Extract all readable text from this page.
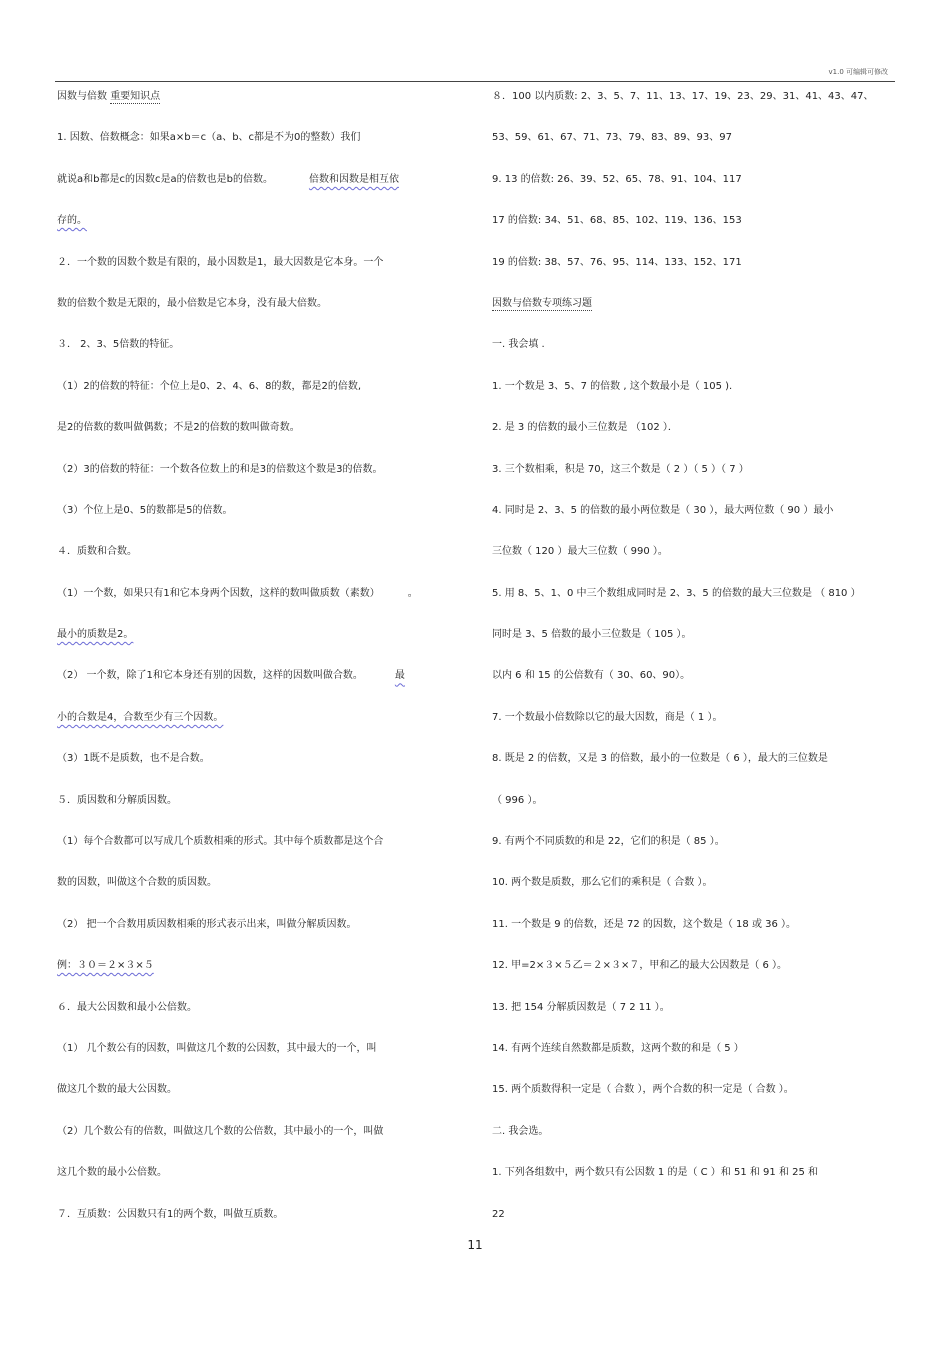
v1.0 可编辑可修改
因数与倍数 重要知识点
1. 因数、倍数概念：如果a×b＝c（a、b、c都是不为0的整数）我们
就说a和b都是c的因数c是a的倍数也是b的倍数。	倍数和因数是相互依
存的。
２．一个数的因数个数是有限的，最小因数是1，最大因数是它本身。一个
数的倍数个数是无限的，最小倍数是它本身，没有最大倍数。
３． 2、3、5倍数的特征。
（1）2的倍数的特征：个位上是0、2、4、6、8的数，都是2的倍数,
是2的倍数的数叫做偶数；不是2的倍数的数叫做奇数。
（2）3的倍数的特征：一个数各位数上的和是3的倍数这个数是3的倍数。
（3）个位上是0、5的数都是5的倍数。
４．质数和合数。
（1）一个数，如果只有1和它本身两个因数，这样的数叫做质数（素数）	。
最小的质数是2。
（2） 一个数，除了1和它本身还有别的因数，这样的因数叫做合数。	最
小的合数是4，合数至少有三个因数。
（3）1既不是质数，也不是合数。
５．质因数和分解质因数。
（1）每个合数都可以写成几个质数相乘的形式。其中每个质数都是这个合
数的因数，叫做这个合数的质因数。
（2） 把一个合数用质因数相乘的形式表示出来，叫做分解质因数。
例：３０＝２×３×５
６．最大公因数和最小公倍数。
（1） 几个数公有的因数，叫做这几个数的公因数，其中最大的一个，叫
做这几个数的最大公因数。
（2）几个数公有的倍数，叫做这几个数的公倍数，其中最小的一个，叫做
这几个数的最小公倍数。
７．互质数：公因数只有1的两个数，叫做互质数。
８．100 以内质数: 2、3、5、7、11、13、17、19、23、29、31、41、43、47、
53、59、61、67、71、73、79、83、89、93、97
9. 13 的倍数: 26、39、52、65、78、91、104、117
17 的倍数: 34、51、68、85、102、119、136、153
19 的倍数: 38、57、76、95、114、133、152、171
因数与倍数专项练习题
一. 我会填 .
1. 一个数是 3、5、7 的倍数 , 这个数最小是（ 105 ).
2. 是 3 的倍数的最小三位数是 （102 ）．
3. 三个数相乘，积是 70，这三个数是（ 2 ）（ 5 ）（ 7 ）
4. 同时是 2、3、5 的倍数的最小两位数是（ 30 ），最大两位数（ 90 ）最小
三位数（ 120 ）最大三位数（ 990 ）。
5. 用 8、5、1、0 中三个数组成同时是 2、3、5 的倍数的最大三位数是 （ 810 ）
同时是 3、5 倍数的最小三位数是（ 105 ）。
以内 6 和 15 的公倍数有（ 30、60、90）。
7. 一个数最小倍数除以它的最大因数，商是（ 1 ）。
8. 既是 2 的倍数，又是 3 的倍数，最小的一位数是（ 6 ），最大的三位数是
（ 996 ）。
9. 有两个不同质数的和是 22，它们的积是（ 85 ）。
10. 两个数是质数，那么它们的乘积是（ 合数 ）。
11. 一个数是 9 的倍数，还是 72 的因数，这个数是（ 18 或 36 ）。
12. 甲=2×３×５乙＝２×３×７，甲和乙的最大公因数是（ 6 ）。
13. 把 154 分解质因数是（ 7 2 11 ）。
14. 有两个连续自然数都是质数，这两个数的和是（ 5 ）
15. 两个质数得积一定是（ 合数 ），两个合数的积一定是（ 合数 ）。
二. 我会选。
1. 下列各组数中，两个数只有公因数 1 的是（ C ）和 51 和 91 和 25 和
22
11
